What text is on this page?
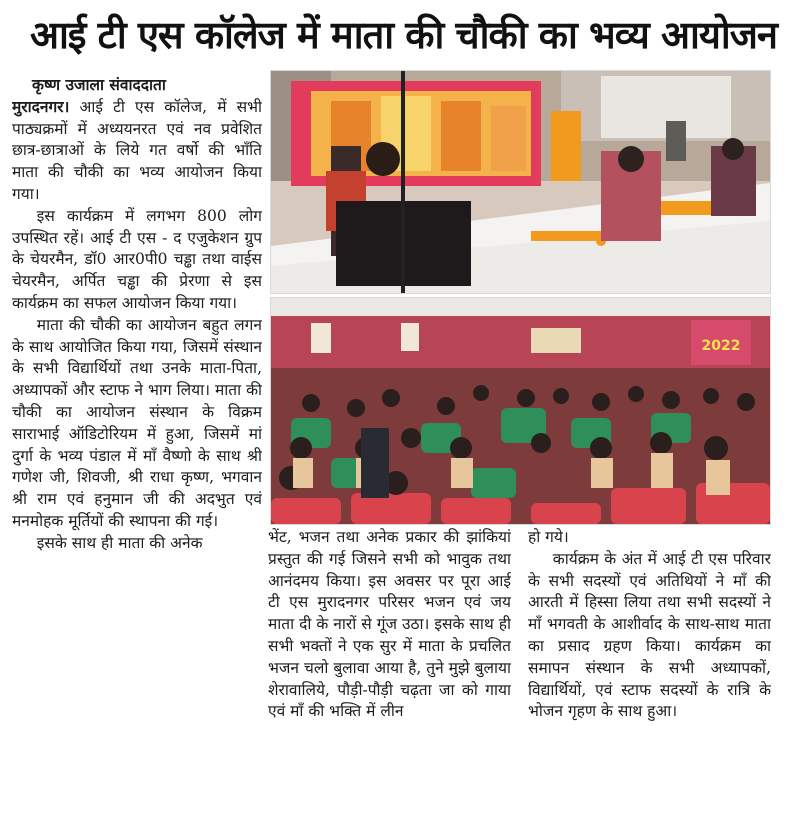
आई टी एस कॉलेज में माता की चौकी का भव्य आयोजन

कृष्ण उजाला संवाददाता
मुरादनगर। आई टी एस कॉलेज, में सभी पाठ्यक्रमों में अध्ययनरत एवं नव प्रवेशित छात्र-छात्राओं के लिये गत वर्षो की भाँति माता की चौकी का भव्य आयोजन किया गया।

इस कार्यक्रम में लगभग 800 लोग उपस्थित रहें। आई टी एस - द एजुकेशन ग्रुप के चेयरमैन, डॉ0 आर0पी0 चड्ढा तथा वाईस चेयरमैन, अर्पित चड्ढा की प्रेरणा से इस कार्यक्रम का सफल आयोजन किया गया।

माता की चौकी का आयोजन बहुत लगन के साथ आयोजित किया गया, जिसमें संस्थान के सभी विद्यार्थियों तथा उनके माता-पिता, अध्यापकों और स्टाफ ने भाग लिया। माता की चौकी का आयोजन संस्थान के विक्रम साराभाई ऑडिटोरियम में हुआ, जिसमें मां दुर्गा के भव्य पंडाल में माँ वैष्णो के साथ श्री गणेश जी, शिवजी, श्री राधा कृष्ण, भगवान श्री राम एवं हनुमान जी की अदभुत एवं मनमोहक मूर्तियों की स्थापना की गई।

इसके साथ ही माता की अनेक

2022

भेंट, भजन तथा अनेक प्रकार की झांकियां प्रस्तुत की गई जिसने सभी को भावुक तथा आनंदमय किया। इस अवसर पर पूरा आई टी एस मुरादनगर परिसर भजन एवं जय माता दी के नारों से गूंज उठा। इसके साथ ही सभी भक्तों ने एक सुर में माता के प्रचलित भजन चलो बुलावा आया है, तुने मुझे बुलाया शेरावालिये, पौड़ी-पौड़ी चढ़ता जा को गाया एवं माँ की भक्ति में लीन

हो गये।

कार्यक्रम के अंत में आई टी एस परिवार के सभी सदस्यों एवं अतिथियों ने माँ की आरती में हिस्सा लिया तथा सभी सदस्यों ने माँ भगवती के आशीर्वाद के साथ-साथ माता का प्रसाद ग्रहण किया। कार्यक्रम का समापन संस्थान के सभी अध्यापकों, विद्यार्थियों, एवं स्टाफ सदस्यों के रात्रि के भोजन गृहण के साथ हुआ।
